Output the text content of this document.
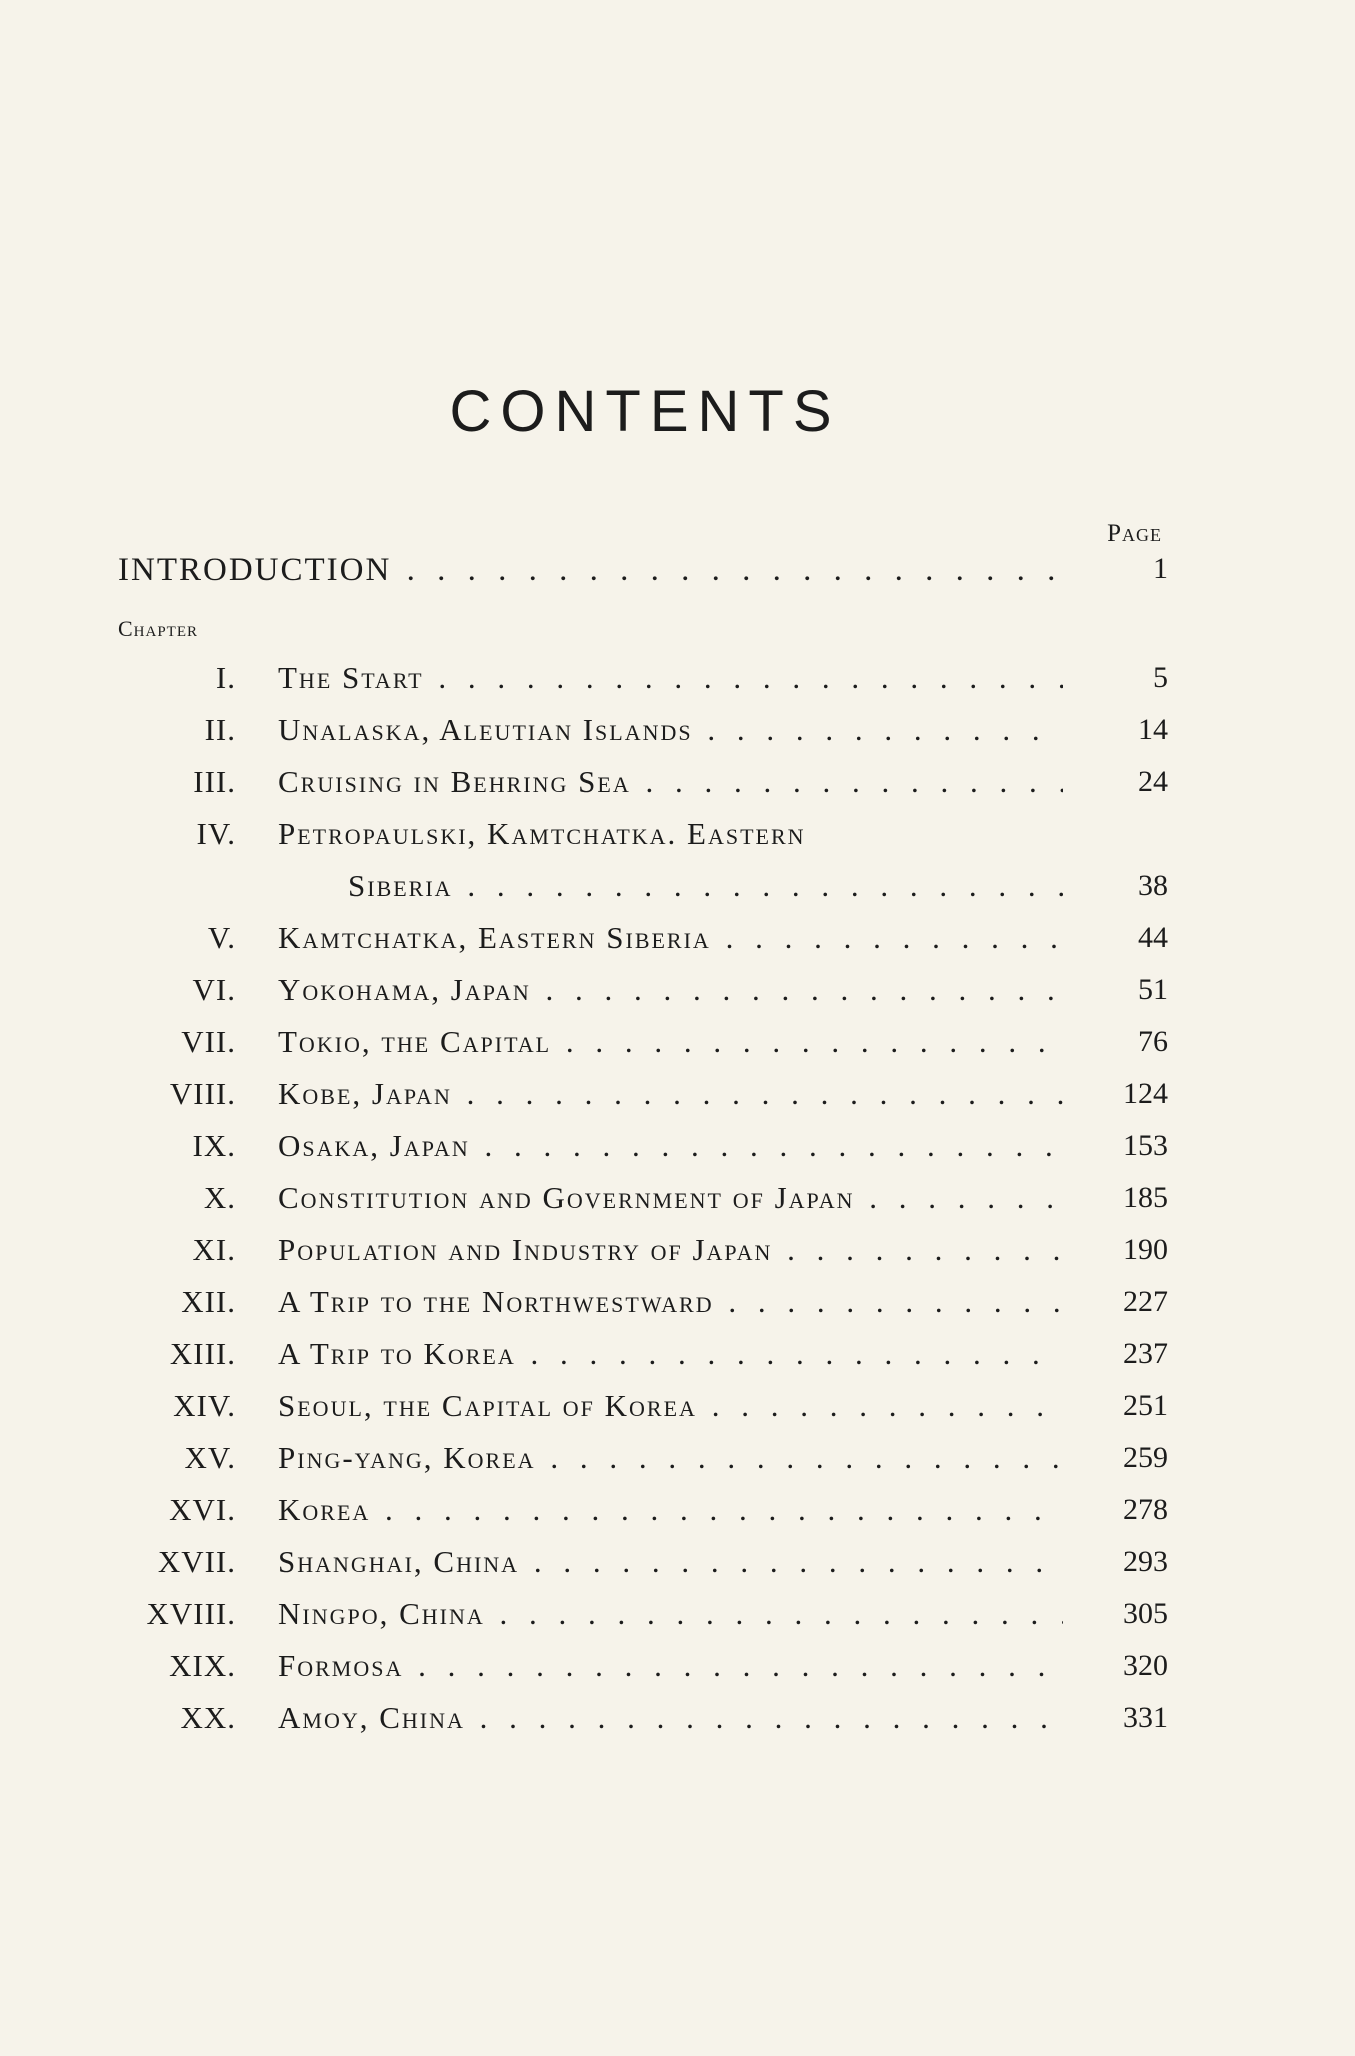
CONTENTS
Page
INTRODUCTION . . .	1
Chapter
I. The Start . . .	5
II. Unalaska, Aleutian Islands . . .	14
III. Cruising in Behring Sea . . .	24
IV. Petropaulski, Kamtchatka. Eastern
Siberia . . .	38
V. Kamtchatka, Eastern Siberia . . .	44
VI. Yokohama, Japan . . .	51
VII. Tokio, the Capital . . .	76
VIII. Kobe, Japan . . .	124
IX. Osaka, Japan . . .	153
X. Constitution and Government of Japan . . .	185
XI. Population and Industry of Japan . . .	190
XII. A Trip to the Northwestward . . .	227
XIII. A Trip to Korea . . .	237
XIV. Seoul, the Capital of Korea . . .	251
XV. Ping-yang, Korea . . .	259
XVI. Korea . . .	278
XVII. Shanghai, China . . .	293
XVIII. Ningpo, China . . .	305
XIX. Formosa . . .	320
XX. Amoy, China . . .	331
